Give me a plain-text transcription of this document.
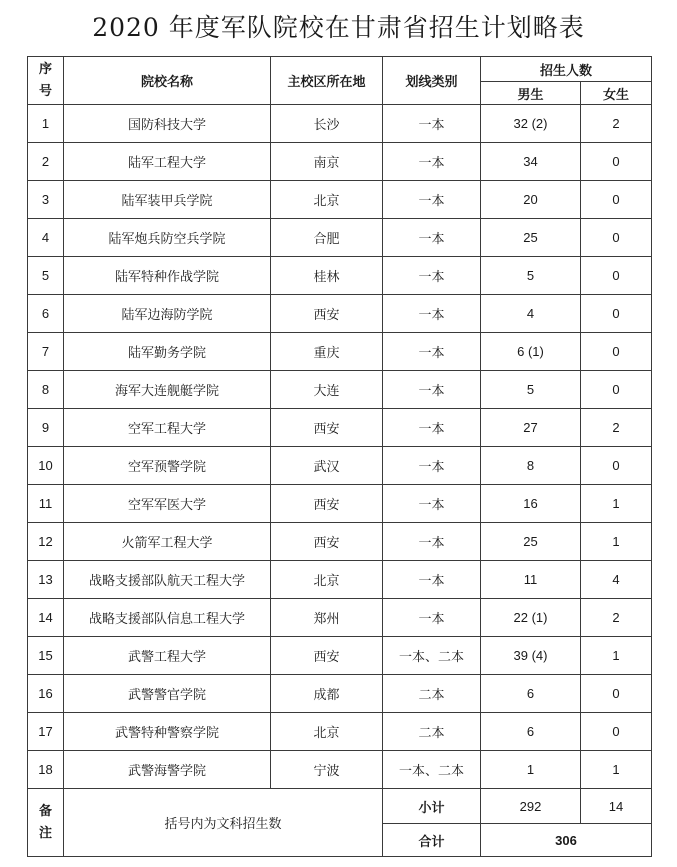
2020 年度军队院校在甘肃省招生计划略表
序
号	院校名称	主校区所在地	划线类别	招生人数	
				男生	女生
1	国防科技大学	长沙	一本	32 (2)	2
2	陆军工程大学	南京	一本	34	0
3	陆军装甲兵学院	北京	一本	20	0
4	陆军炮兵防空兵学院	合肥	一本	25	0
5	陆军特种作战学院	桂林	一本	5	0
6	陆军边海防学院	西安	一本	4	0
7	陆军勤务学院	重庆	一本	6 (1)	0
8	海军大连舰艇学院	大连	一本	5	0
9	空军工程大学	西安	一本	27	2
10	空军预警学院	武汉	一本	8	0
11	空军军医大学	西安	一本	16	1
12	火箭军工程大学	西安	一本	25	1
13	战略支援部队航天工程大学	北京	一本	11	4
14	战略支援部队信息工程大学	郑州	一本	22 (1)	2
15	武警工程大学	西安	一本、二本	39 (4)	1
16	武警警官学院	成都	二本	6	0
17	武警特种警察学院	北京	二本	6	0
18	武警海警学院	宁波	一本、二本	1	1
备
注	括号内为文科招生数		小计	292	14
			合计	306	
